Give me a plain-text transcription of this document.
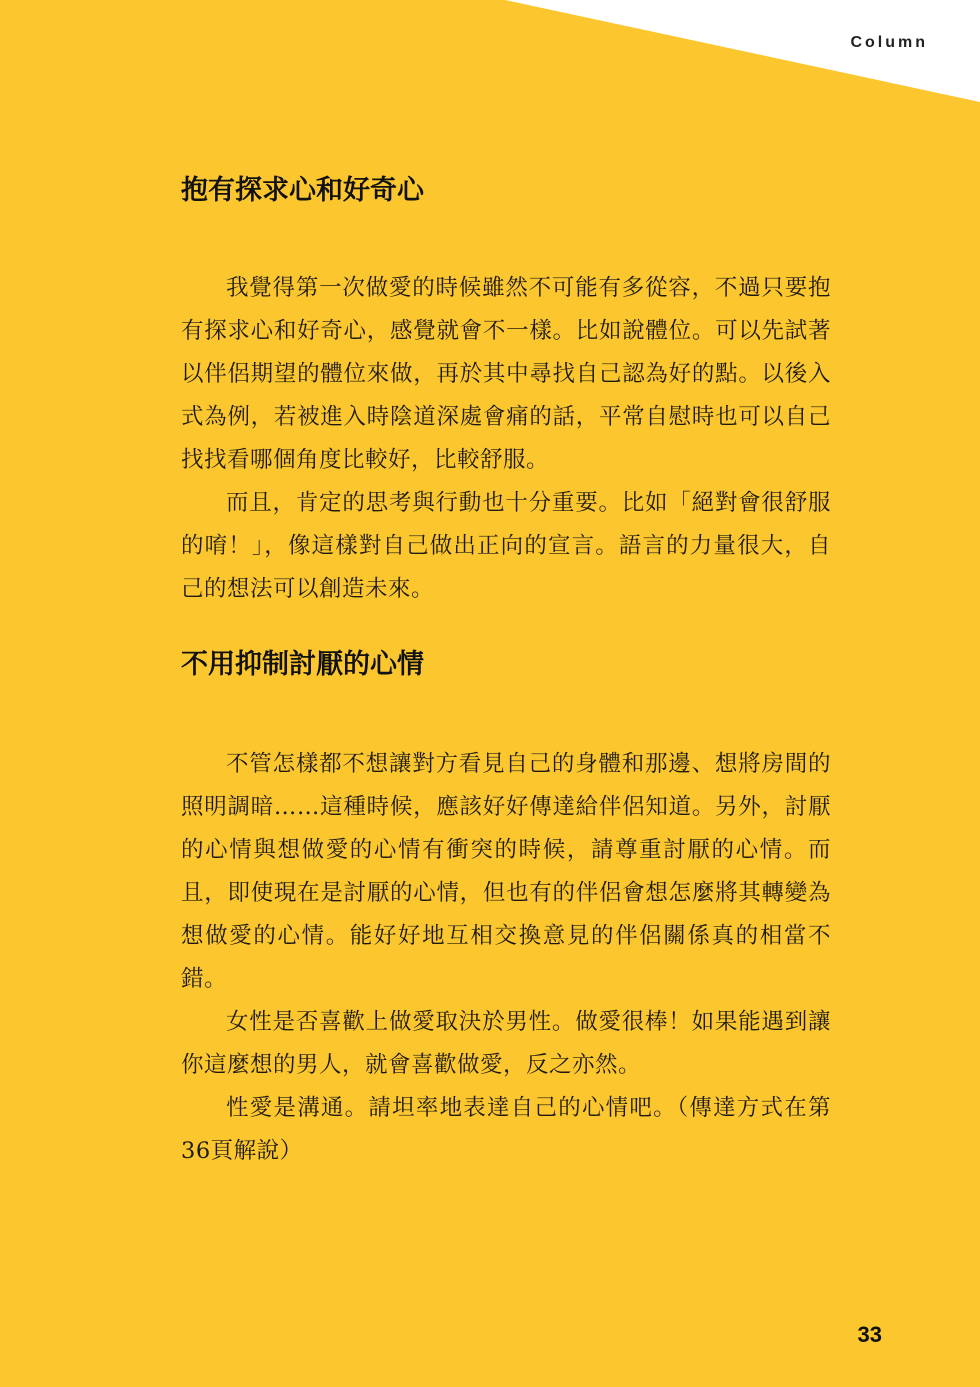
Column
抱有探求心和好奇心

我覺得第一次做愛的時候雖然不可能有多從容，不過只要抱有探求心和好奇心，感覺就會不一樣。比如說體位。可以先試著以伴侶期望的體位來做，再於其中尋找自己認為好的點。以後入式為例，若被進入時陰道深處會痛的話，平常自慰時也可以自己找找看哪個角度比較好，比較舒服。

而且，肯定的思考與行動也十分重要。比如「絕對會很舒服的唷！」，像這樣對自己做出正向的宣言。語言的力量很大，自己的想法可以創造未來。

不用抑制討厭的心情

不管怎樣都不想讓對方看見自己的身體和那邊、想將房間的照明調暗……這種時候，應該好好傳達給伴侶知道。另外，討厭的心情與想做愛的心情有衝突的時候，請尊重討厭的心情。而且，即使現在是討厭的心情，但也有的伴侶會想怎麼將其轉變為想做愛的心情。能好好地互相交換意見的伴侶關係真的相當不錯。

女性是否喜歡上做愛取決於男性。做愛很棒！如果能遇到讓你這麼想的男人，就會喜歡做愛，反之亦然。

性愛是溝通。請坦率地表達自己的心情吧。（傳達方式在第36頁解說）

33
